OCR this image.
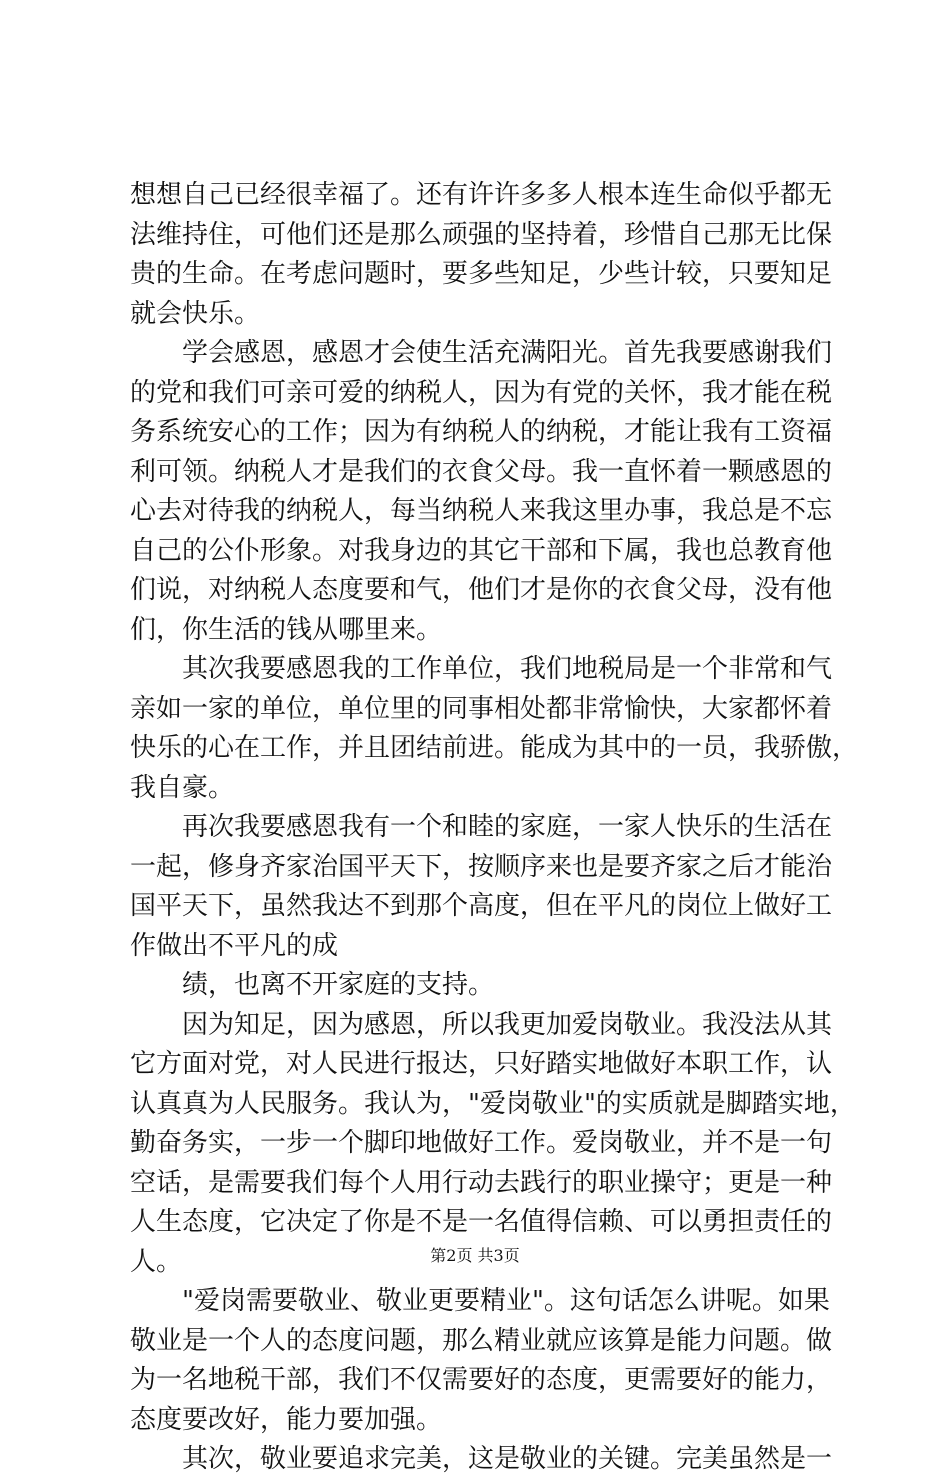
想想自己已经很幸福了。还有许许多多人根本连生命似乎都无
法维持住，可他们还是那么顽强的坚持着，珍惜自己那无比保
贵的生命。在考虑问题时，要多些知足，少些计较，只要知足
就会快乐。
学会感恩，感恩才会使生活充满阳光。首先我要感谢我们
的党和我们可亲可爱的纳税人，因为有党的关怀，我才能在税
务系统安心的工作；因为有纳税人的纳税，才能让我有工资福
利可领。纳税人才是我们的衣食父母。我一直怀着一颗感恩的
心去对待我的纳税人，每当纳税人来我这里办事，我总是不忘
自己的公仆形象。对我身边的其它干部和下属，我也总教育他
们说，对纳税人态度要和气，他们才是你的衣食父母，没有他
们，你生活的钱从哪里来。
其次我要感恩我的工作单位，我们地税局是一个非常和气
亲如一家的单位，单位里的同事相处都非常愉快，大家都怀着
快乐的心在工作，并且团结前进。能成为其中的一员，我骄傲，
我自豪。
再次我要感恩我有一个和睦的家庭，一家人快乐的生活在
一起，修身齐家治国平天下，按顺序来也是要齐家之后才能治
国平天下，虽然我达不到那个高度，但在平凡的岗位上做好工
作做出不平凡的成
绩，也离不开家庭的支持。
因为知足，因为感恩，所以我更加爱岗敬业。我没法从其
它方面对党，对人民进行报达，只好踏实地做好本职工作，认
认真真为人民服务。我认为，"爱岗敬业"的实质就是脚踏实地，
勤奋务实，一步一个脚印地做好工作。爱岗敬业，并不是一句
空话，是需要我们每个人用行动去践行的职业操守；更是一种
人生态度，它决定了你是不是一名值得信赖、可以勇担责任的
人。
"爱岗需要敬业、敬业更要精业"。这句话怎么讲呢。如果
敬业是一个人的态度问题，那么精业就应该算是能力问题。做
为一名地税干部，我们不仅需要好的态度，更需要好的能力，
态度要改好，能力要加强。
其次，敬业要追求完美，这是敬业的关键。完美虽然是一
第2页 共3页
